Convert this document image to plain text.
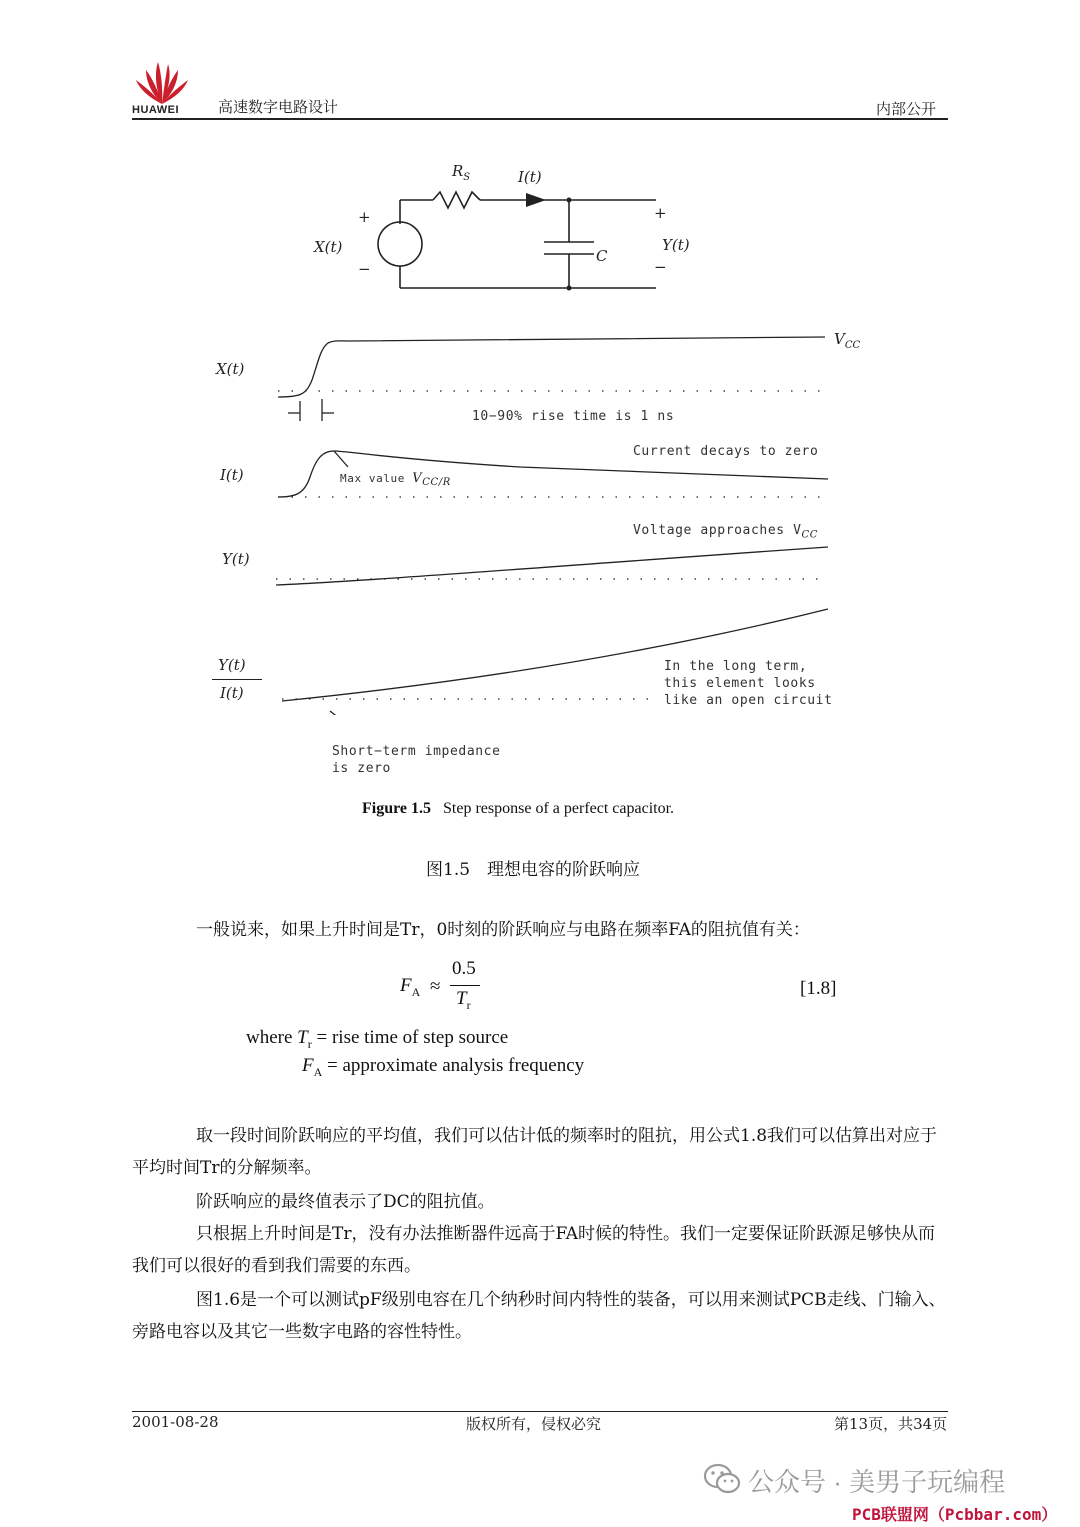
HUAWEI	高速数字电路设计	内部公开
$R_S$	I(t)
+
X(t)
−
C
+
Y(t)
−
X(t)
$V_{CC}$
10−90% rise time is 1 ns
I(t)
Current decays to zero
Max value $V_{CC/R}$
Y(t)
Voltage approaches $V_{CC}$
Y(t)
I(t)
In the long term,
this element looks
like an open circuit
Short−term impedance
is zero
Figure 1.5 Step response of a perfect capacitor.
图1.5　理想电容的阶跃响应
一般说来，如果上升时间是Tr，0时刻的阶跃响应与电路在频率FA的阻抗值有关：
$F_A$ ≈
0.5
$T_r$
[1.8]
where $T_r$ = rise time of step source
$F_A$ = approximate analysis frequency
取一段时间阶跃响应的平均值，我们可以估计低的频率时的阻抗，用公式1.8我们可以估算出对应于平均时间Tr的分解频率。
阶跃响应的最终值表示了DC的阻抗值。
只根据上升时间是Tr，没有办法推断器件远高于FA时候的特性。我们一定要保证阶跃源足够快从而我们可以很好的看到我们需要的东西。
图1.6是一个可以测试pF级别电容在几个纳秒时间内特性的装备，可以用来测试PCB走线、门输入、旁路电容以及其它一些数字电路的容性特性。
2001-08-28	版权所有，侵权必究	第13页，共34页
公众号 · 美男子玩编程
PCB联盟网（Pcbbar.com）
